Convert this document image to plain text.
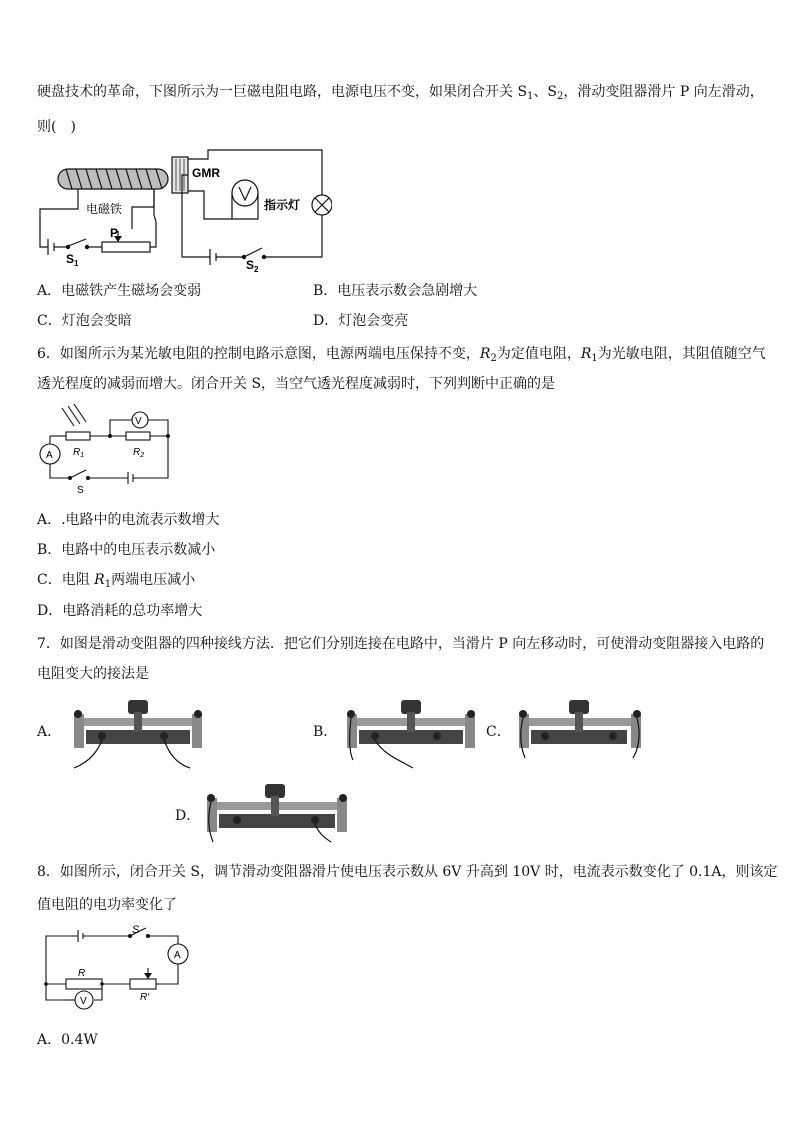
硬盘技术的革命，下图所示为一巨磁电阻电路，电源电压不变，如果闭合开关 $S_1$、$S_2$，滑动变阻器滑片 P 向左滑动，
则(　)
电磁铁
GMR
指示灯
P
$S_1$	$S_2$
A．电磁铁产生磁场会变弱	B．电压表示数会急剧增大
C．灯泡会变暗	D．灯泡会变亮
6．如图所示为某光敏电阻的控制电路示意图，电源两端电压保持不变，$R_2$为定值电阻，$R_1$为光敏电阻，其阻值随空气
透光程度的减弱而增大。闭合开关 S，当空气透光程度减弱时，下列判断中正确的是
V
A $R_1$	$R_2$
S
A．.电路中的电流表示数增大
B．电路中的电压表示数减小
C．电阻 $R_1$两端电压减小
D．电路消耗的总功率增大
7．如图是滑动变阻器的四种接线方法．把它们分别连接在电路中，当滑片 P 向左移动时，可使滑动变阻器接入电路的
电阻变大的接法是
A．	B．	C．
D．
8．如图所示，闭合开关 S，调节滑动变阻器滑片使电压表示数从 6V 升高到 10V 时，电流表示数变化了 0.1A，则该定
值电阻的电功率变化了
S
A
R
R′
V
A．0.4W
